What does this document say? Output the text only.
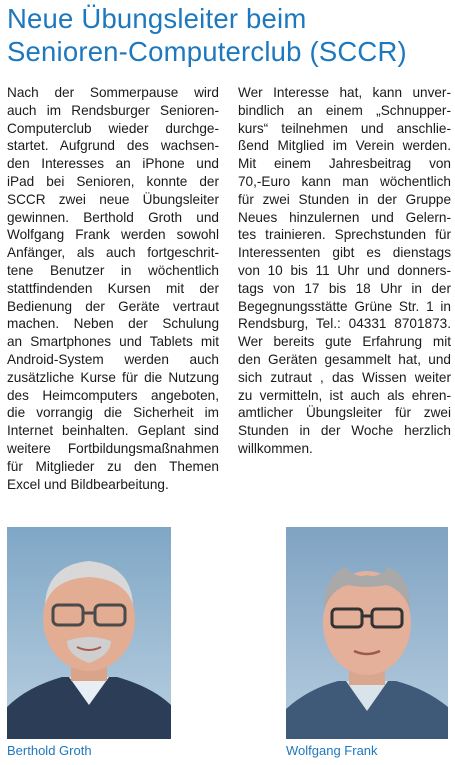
Neue Übungsleiter beim
Senioren-Computerclub (SCCR)
Nach der Sommerpause wird
auch im Rendsburger Senioren-
Computerclub wieder durchge-
startet. Aufgrund des wachsen-
den Interesses an iPhone und
iPad bei Senioren, konnte der
SCCR zwei neue Übungsleiter
gewinnen. Berthold Groth und
Wolfgang Frank werden sowohl
Anfänger, als auch fortgeschrit-
tene Benutzer in wöchentlich
stattfindenden Kursen mit der
Bedienung der Geräte vertraut
machen. Neben der Schulung
an Smartphones und Tablets mit
Android-System werden auch
zusätzliche Kurse für die Nutzung
des Heimcomputers angeboten,
die vorrangig die Sicherheit im
Internet beinhalten. Geplant sind
weitere Fortbildungsmaßnahmen
für Mitglieder zu den Themen
Excel und Bildbearbeitung.
Wer Interesse hat, kann unver-
bindlich an einem „Schnupper-
kurs“ teilnehmen und anschlie-
ßend Mitglied im Verein werden.
Mit einem Jahresbeitrag von
70,-Euro kann man wöchentlich
für zwei Stunden in der Gruppe
Neues hinzulernen und Gelern-
tes trainieren. Sprechstunden für
Interessenten gibt es dienstags
von 10 bis 11 Uhr und donners-
tags von 17 bis 18 Uhr in der
Begegnungsstätte Grüne Str. 1 in
Rendsburg, Tel.: 04331 8701873.
Wer bereits gute Erfahrung mit
den Geräten gesammelt hat, und
sich zutraut , das Wissen weiter
zu vermitteln, ist auch als ehren-
amtlicher Übungsleiter für zwei
Stunden in der Woche herzlich
willkommen.
Berthold Groth	Wolfgang Frank
